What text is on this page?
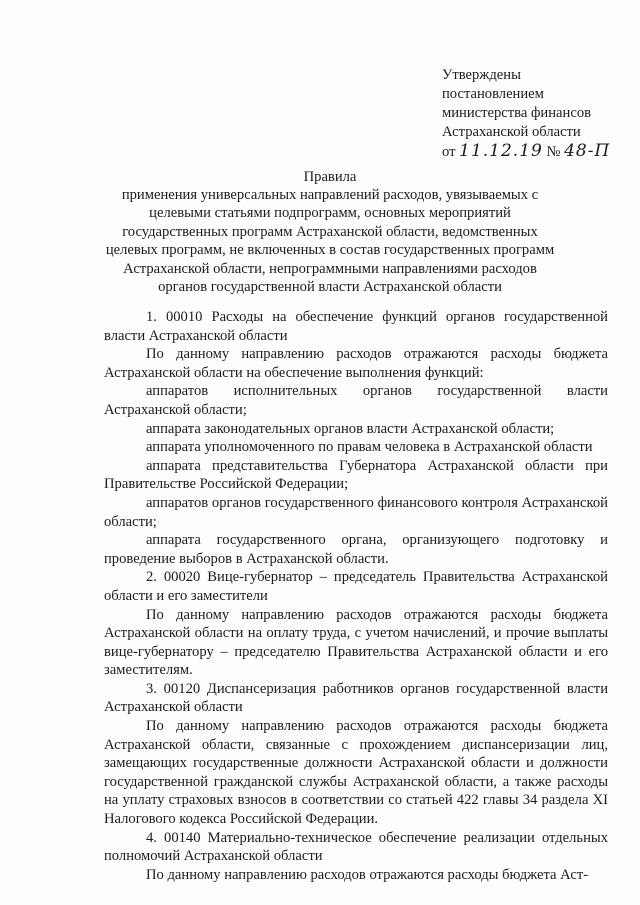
Утверждены
постановлением
министерства финансов
Астраханской области
от 11.12.19 № 48-П
Правила
применения универсальных направлений расходов, увязываемых с целевыми статьями подпрограмм, основных мероприятий государственных программ Астраханской области, ведомственных целевых программ, не включенных в состав государственных программ Астраханской области, непрограммными направлениями расходов органов государственной власти Астраханской области

1. 00010 Расходы на обеспечение функций органов государственной власти Астраханской области

По данному направлению расходов отражаются расходы бюджета Астраханской области на обеспечение выполнения функций:

аппаратов исполнительных органов государственной власти Астраханской области;

аппарата законодательных органов власти Астраханской области;

аппарата уполномоченного по правам человека в Астраханской области

аппарата представительства Губернатора Астраханской области при Правительстве Российской Федерации;

аппаратов органов государственного финансового контроля Астраханской области;

аппарата государственного органа, организующего подготовку и проведение выборов в Астраханской области.

2. 00020 Вице-губернатор – председатель Правительства Астраханской области и его заместители

По данному направлению расходов отражаются расходы бюджета Астраханской области на оплату труда, с учетом начислений, и прочие выплаты вице-губернатору – председателю Правительства Астраханской области и его заместителям.

3. 00120 Диспансеризация работников органов государственной власти Астраханской области

По данному направлению расходов отражаются расходы бюджета Астраханской области, связанные с прохождением диспансеризации лиц, замещающих государственные должности Астраханской области и должности государственной гражданской службы Астраханской области, а также расходы на уплату страховых взносов в соответствии со статьей 422 главы 34 раздела XI Налогового кодекса Российской Федерации.

4. 00140 Материально-техническое обеспечение реализации отдельных полномочий Астраханской области

По данному направлению расходов отражаются расходы бюджета Аст-
